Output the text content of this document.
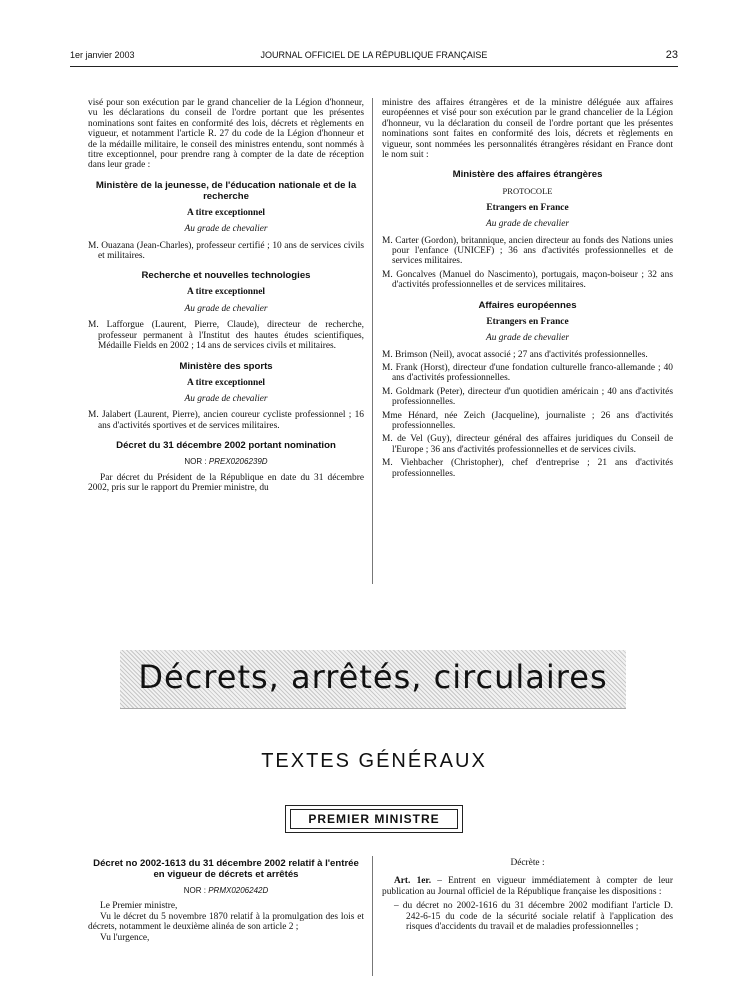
1er janvier 2003	JOURNAL OFFICIEL DE LA RÉPUBLIQUE FRANÇAISE	23

visé pour son exécution par le grand chancelier de la Légion d'honneur, vu les déclarations du conseil de l'ordre portant que les présentes nominations sont faites en conformité des lois, décrets et règlements en vigueur, et notamment l'article R. 27 du code de la Légion d'honneur et de la médaille militaire, le conseil des ministres entendu, sont nommés à titre exceptionnel, pour prendre rang à compter de la date de réception dans leur grade :

Ministère de la jeunesse, de l'éducation nationale et de la recherche
A titre exceptionnel
Au grade de chevalier

M. Ouazana (Jean-Charles), professeur certifié ; 10 ans de services civils et militaires.

Recherche et nouvelles technologies
A titre exceptionnel
Au grade de chevalier

M. Lafforgue (Laurent, Pierre, Claude), directeur de recherche, professeur permanent à l'Institut des hautes études scientifiques, Médaille Fields en 2002 ; 14 ans de services civils et militaires.

Ministère des sports
A titre exceptionnel
Au grade de chevalier

M. Jalabert (Laurent, Pierre), ancien coureur cycliste professionnel ; 16 ans d'activités sportives et de services militaires.

Décret du 31 décembre 2002 portant nomination
NOR : PREX0206239D

Par décret du Président de la République en date du 31 décembre 2002, pris sur le rapport du Premier ministre, du

ministre des affaires étrangères et de la ministre déléguée aux affaires européennes et visé pour son exécution par le grand chancelier de la Légion d'honneur, vu la déclaration du conseil de l'ordre portant que les présentes nominations sont faites en conformité des lois, décrets et règlements en vigueur, sont nommées les personnalités étrangères résidant en France dont le nom suit :

Ministère des affaires étrangères
PROTOCOLE
Etrangers en France
Au grade de chevalier

M. Carter (Gordon), britannique, ancien directeur au fonds des Nations unies pour l'enfance (UNICEF) ; 36 ans d'activités professionnelles et de services militaires.

M. Goncalves (Manuel do Nascimento), portugais, maçon-boiseur ; 32 ans d'activités professionnelles et de services militaires.

Affaires européennes
Etrangers en France
Au grade de chevalier

M. Brimson (Neil), avocat associé ; 27 ans d'activités professionnelles.

M. Frank (Horst), directeur d'une fondation culturelle franco-allemande ; 40 ans d'activités professionnelles.

M. Goldmark (Peter), directeur d'un quotidien américain ; 40 ans d'activités professionnelles.

Mme Hénard, née Zeich (Jacqueline), journaliste ; 26 ans d'activités professionnelles.

M. de Vel (Guy), directeur général des affaires juridiques du Conseil de l'Europe ; 36 ans d'activités professionnelles et de services civils.

M. Viehbacher (Christopher), chef d'entreprise ; 21 ans d'activités professionnelles.

Décrets, arrêtés, circulaires
TEXTES GÉNÉRAUX
PREMIER MINISTRE
Décret no 2002-1613 du 31 décembre 2002 relatif à l'entrée en vigueur de décrets et arrêtés
NOR : PRMX0206242D

Le Premier ministre,

Vu le décret du 5 novembre 1870 relatif à la promulgation des lois et décrets, notamment le deuxième alinéa de son article 2 ;

Vu l'urgence,

Décrète :

Art. 1er. – Entrent en vigueur immédiatement à compter de leur publication au Journal officiel de la République française les dispositions :

– du décret no 2002-1616 du 31 décembre 2002 modifiant l'article D. 242-6-15 du code de la sécurité sociale relatif à l'application des risques d'accidents du travail et de maladies professionnelles ;
